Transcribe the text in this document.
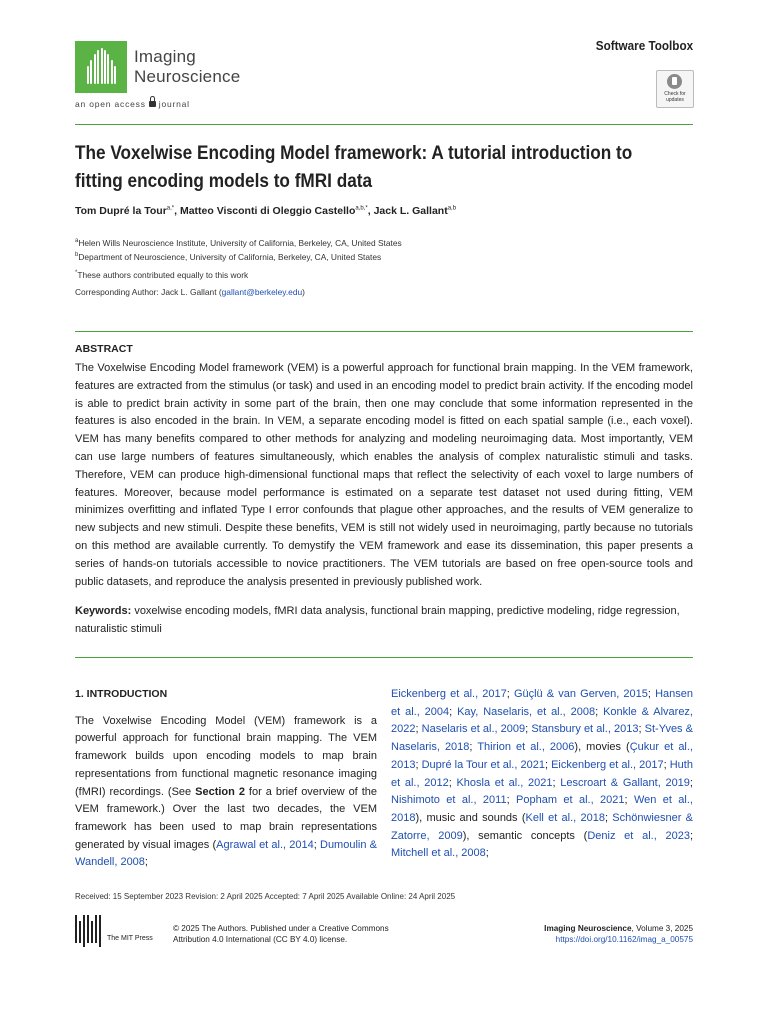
Imaging
Neuroscience
an open access journal
Software Toolbox
Check for
updates
The Voxelwise Encoding Model framework: A tutorial introduction to fitting encoding models to fMRI data
Tom Dupré la Tour$^{a,*}$, Matteo Visconti di Oleggio Castello$^{a,b,*}$, Jack L. Gallant$^{a,b}$
$^a$Helen Wills Neuroscience Institute, University of California, Berkeley, CA, United States
$^b$Department of Neuroscience, University of California, Berkeley, CA, United States
*These authors contributed equally to this work
Corresponding Author: Jack L. Gallant (gallant@berkeley.edu)
ABSTRACT
The Voxelwise Encoding Model framework (VEM) is a powerful approach for functional brain mapping. In the VEM framework, features are extracted from the stimulus (or task) and used in an encoding model to predict brain activity. If the encoding model is able to predict brain activity in some part of the brain, then one may conclude that some information represented in the features is also encoded in the brain. In VEM, a separate encoding model is fitted on each spatial sample (i.e., each voxel). VEM has many benefits compared to other methods for analyzing and modeling neuroimaging data. Most importantly, VEM can use large numbers of features simultaneously, which enables the analysis of complex naturalistic stimuli and tasks. Therefore, VEM can produce high-dimensional functional maps that reflect the selectivity of each voxel to large numbers of features. Moreover, because model performance is estimated on a separate test dataset not used during fitting, VEM minimizes overfitting and inflated Type I error confounds that plague other approaches, and the results of VEM generalize to new subjects and new stimuli. Despite these benefits, VEM is still not widely used in neuroimaging, partly because no tutorials on this method are available currently. To demystify the VEM framework and ease its dissemination, this paper presents a series of hands-on tutorials accessible to novice practitioners. The VEM tutorials are based on free open-source tools and public datasets, and reproduce the analysis presented in previously published work.
Keywords: voxelwise encoding models, fMRI data analysis, functional brain mapping, predictive modeling, ridge regression, naturalistic stimuli
1. INTRODUCTION
The Voxelwise Encoding Model (VEM) framework is a powerful approach for functional brain mapping. The VEM framework builds upon encoding models to map brain representations from functional magnetic resonance imaging (fMRI) recordings. (See Section 2 for a brief overview of the VEM framework.) Over the last two decades, the VEM framework has been used to map brain representations generated by visual images (Agrawal et al., 2014; Dumoulin & Wandell, 2008;
Eickenberg et al., 2017; Güçlü & van Gerven, 2015; Hansen et al., 2004; Kay, Naselaris, et al., 2008; Konkle & Alvarez, 2022; Naselaris et al., 2009; Stansbury et al., 2013; St-Yves & Naselaris, 2018; Thirion et al., 2006), movies (Çukur et al., 2013; Dupré la Tour et al., 2021; Eickenberg et al., 2017; Huth et al., 2012; Khosla et al., 2021; Lescroart & Gallant, 2019; Nishimoto et al., 2011; Popham et al., 2021; Wen et al., 2018), music and sounds (Kell et al., 2018; Schönwiesner & Zatorre, 2009), semantic concepts (Deniz et al., 2023; Mitchell et al., 2008;
Received: 15 September 2023 Revision: 2 April 2025 Accepted: 7 April 2025 Available Online: 24 April 2025
The MIT Press
© 2025 The Authors. Published under a Creative Commons
Attribution 4.0 International (CC BY 4.0) license.
Imaging Neuroscience, Volume 3, 2025
https://doi.org/10.1162/imag_a_00575
